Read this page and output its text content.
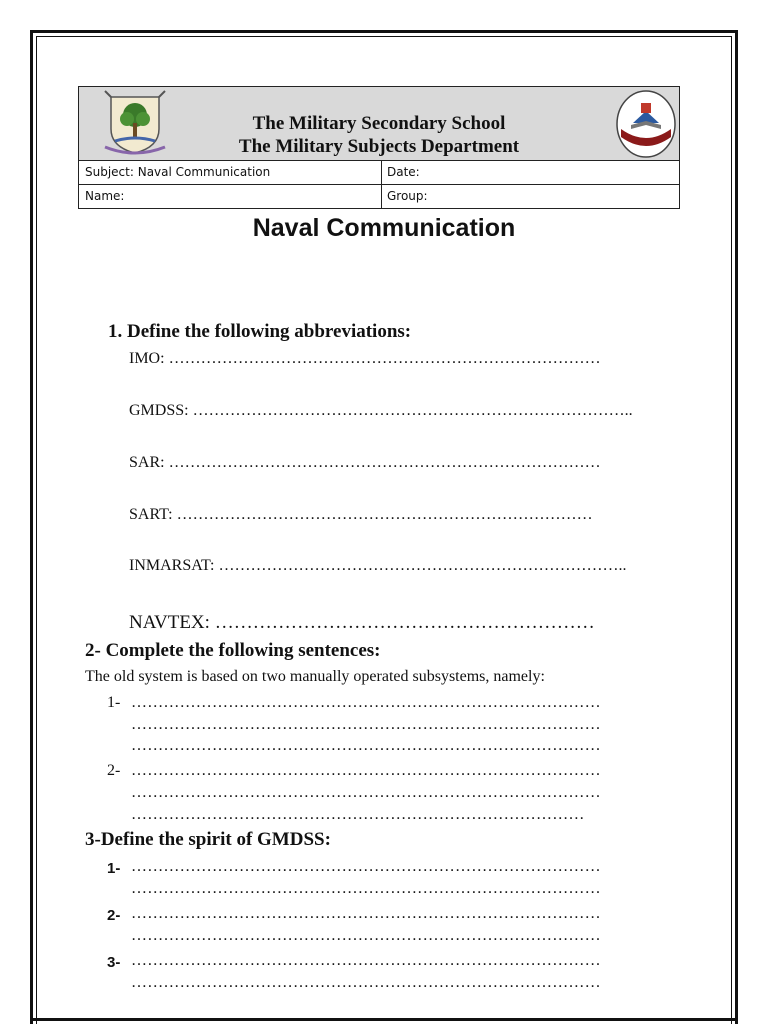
The Military Secondary School
The Military Subjects Department	—
Subject: Naval Communication	Date:
Name:	Group:
Naval Communication
1. Define the following abbreviations:
IMO: ………………………………………………………………………
GMDSS: ………………………………………………………………………..
SAR: ………………………………………………………………………
SART: ……………………………………………………………………
INMARSAT: …………………………………………………………………..
NAVTEX: ……………………………………………………
2- Complete the following sentences:
The old system is based on two manually operated subsystems, namely:
1- ……………………………………………………………………………
……………………………………………………………………………
……………………………………………………………………………
2- ……………………………………………………………………………
……………………………………………………………………………
…………………………………………………………………………
3-Define the spirit of GMDSS:
1- ……………………………………………………………………………
……………………………………………………………………………
2- ……………………………………………………………………………
……………………………………………………………………………
3- ……………………………………………………………………………
……………………………………………………………………………
